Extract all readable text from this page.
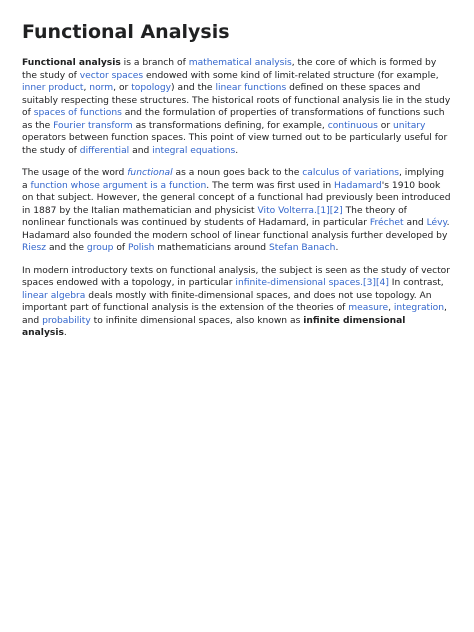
Functional Analysis

Functional analysis is a branch of mathematical analysis, the core of which is formed by the study of vector spaces endowed with some kind of limit-related structure (for example, inner product, norm, or topology) and the linear functions defined on these spaces and suitably respecting these structures. The historical roots of functional analysis lie in the study of spaces of functions and the formulation of properties of transformations of functions such as the Fourier transform as transformations defining, for example, continuous or unitary operators between function spaces. This point of view turned out to be particularly useful for the study of differential and integral equations.

The usage of the word functional as a noun goes back to the calculus of variations, implying a function whose argument is a function. The term was first used in Hadamard's 1910 book on that subject. However, the general concept of a functional had previously been introduced in 1887 by the Italian mathematician and physicist Vito Volterra.[1][2] The theory of nonlinear functionals was continued by students of Hadamard, in particular Fréchet and Lévy. Hadamard also founded the modern school of linear functional analysis further developed by Riesz and the group of Polish mathematicians around Stefan Banach.

In modern introductory texts on functional analysis, the subject is seen as the study of vector spaces endowed with a topology, in particular infinite-dimensional spaces.[3][4] In contrast, linear algebra deals mostly with finite-dimensional spaces, and does not use topology. An important part of functional analysis is the extension of the theories of measure, integration, and probability to infinite dimensional spaces, also known as infinite dimensional analysis.
